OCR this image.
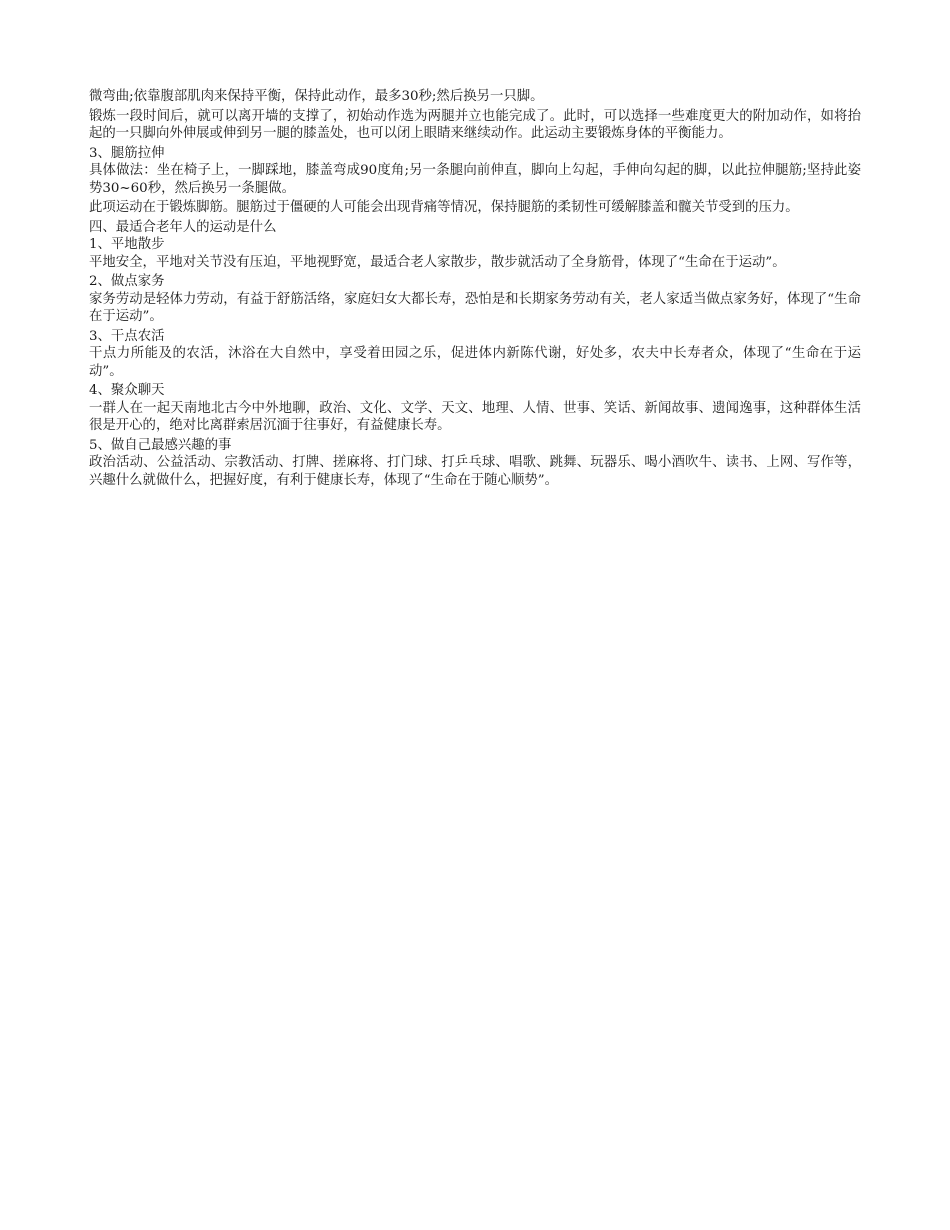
微弯曲;依靠腹部肌肉来保持平衡，保持此动作，最多30秒;然后换另一只脚。

锻炼一段时间后，就可以离开墙的支撑了，初始动作选为两腿并立也能完成了。此时，可以选择一些难度更大的附加动作，如将抬起的一只脚向外伸展或伸到另一腿的膝盖处，也可以闭上眼睛来继续动作。此运动主要锻炼身体的平衡能力。

3、腿筋拉伸

具体做法：坐在椅子上，一脚踩地，膝盖弯成90度角;另一条腿向前伸直，脚向上勾起，手伸向勾起的脚，以此拉伸腿筋;坚持此姿势30~60秒，然后换另一条腿做。

此项运动在于锻炼脚筋。腿筋过于僵硬的人可能会出现背痛等情况，保持腿筋的柔韧性可缓解膝盖和髋关节受到的压力。

四、最适合老年人的运动是什么

1、平地散步

平地安全，平地对关节没有压迫，平地视野宽，最适合老人家散步，散步就活动了全身筋骨，体现了“生命在于运动”。

2、做点家务

家务劳动是轻体力劳动，有益于舒筋活络，家庭妇女大都长寿，恐怕是和长期家务劳动有关，老人家适当做点家务好，体现了“生命在于运动”。

3、干点农活

干点力所能及的农活，沐浴在大自然中，享受着田园之乐，促进体内新陈代谢，好处多，农夫中长寿者众，体现了“生命在于运动”。

4、聚众聊天

一群人在一起天南地北古今中外地聊，政治、文化、文学、天文、地理、人情、世事、笑话、新闻故事、遗闻逸事，这种群体生活很是开心的，绝对比离群索居沉湎于往事好，有益健康长寿。

5、做自己最感兴趣的事

政治活动、公益活动、宗教活动、打牌、搓麻将、打门球、打乒乓球、唱歌、跳舞、玩器乐、喝小酒吹牛、读书、上网、写作等，兴趣什么就做什么，把握好度，有利于健康长寿，体现了“生命在于随心顺势”。
